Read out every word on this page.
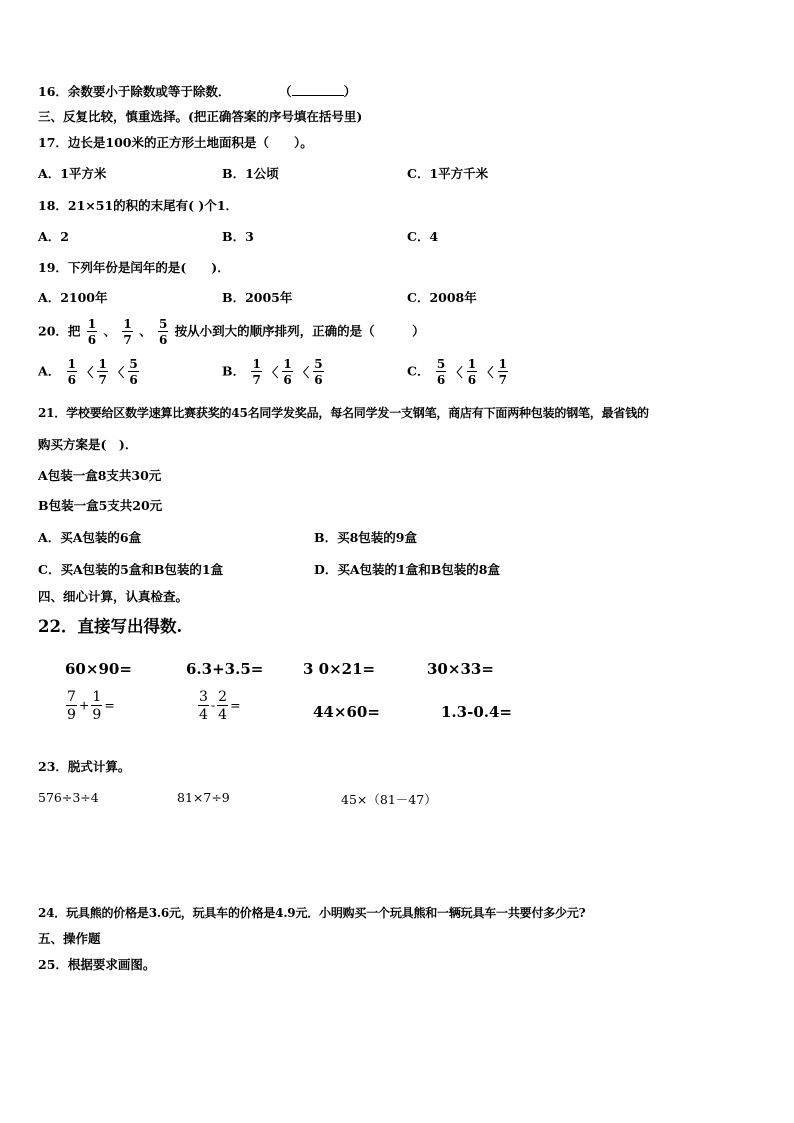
16．余数要小于除数或等于除数．	（	）
三、反复比较，慎重选择。(把正确答案的序号填在括号里)
17．边长是100米的正方形土地面积是（　　）。
A．1平方米	B．1公顷	C．1平方千米
18．21×51的积的末尾有( )个1．
A．2	B．3	C．4
19．下列年份是闰年的是(　　)．
A．2100年	B．2005年	C．2008年
20．把 $\frac{1}{6}$ 、 $\frac{1}{7}$ 、 $\frac{5}{6}$ 按从小到大的顺序排列，正确的是（　　　）
A． $\frac{1}{6}$ 〈 $\frac{1}{7}$ 〈 $\frac{5}{6}$	B． $\frac{1}{7}$ 〈 $\frac{1}{6}$ 〈 $\frac{5}{6}$	C． $\frac{5}{6}$ 〈 $\frac{1}{6}$ 〈 $\frac{1}{7}$
21．学校要给区数学速算比赛获奖的45名同学发奖品，每名同学发一支钢笔，商店有下面两种包装的钢笔，最省钱的
购买方案是(　)．
A包装一盒8支共30元
B包装一盒5支共20元
A．买A包装的6盒	B．买8包装的9盒
C．买A包装的5盒和B包装的1盒	D．买A包装的1盒和B包装的8盒
四、细心计算，认真检查。
22．直接写出得数.
60×90=	6.3+3.5=	3 0×21=	30×33=
$\frac{7}{9} + \frac{1}{9}$ =	$\frac{3}{4} - \frac{2}{4}$ =	44×60=	1.3-0.4=
23．脱式计算。
576÷3÷4	81×7÷9	45×（81－47）
24．玩具熊的价格是3.6元，玩具车的价格是4.9元．小明购买一个玩具熊和一辆玩具车一共要付多少元?
五、操作题
25．根据要求画图。
